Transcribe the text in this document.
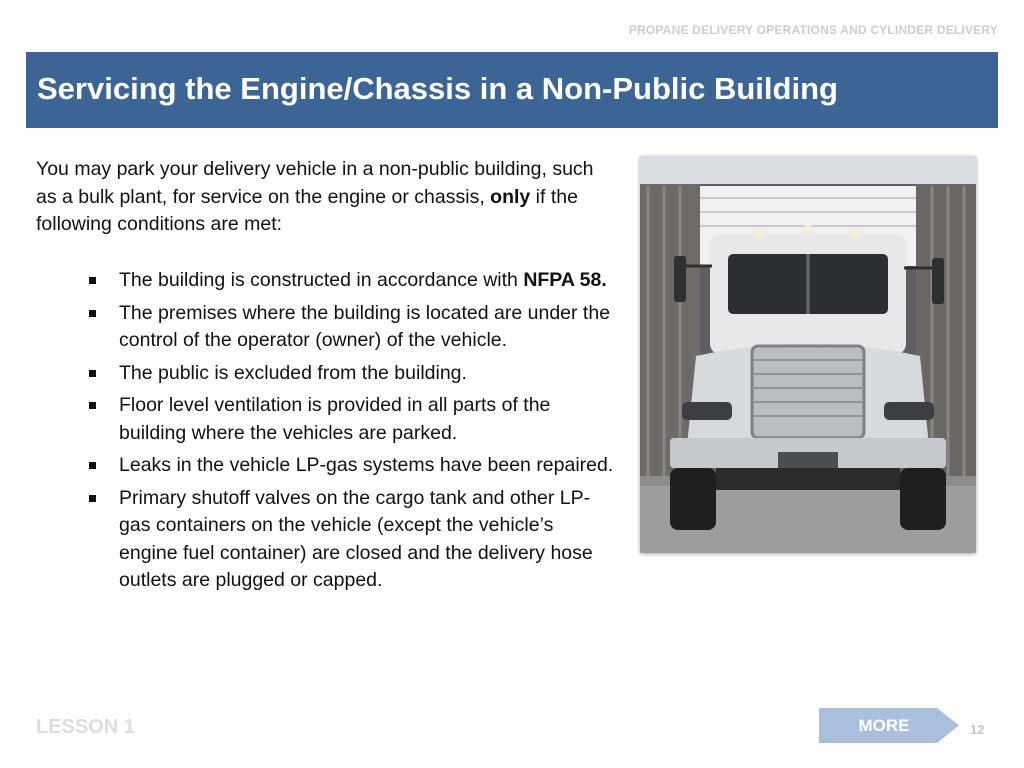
PROPANE DELIVERY OPERATIONS AND CYLINDER DELIVERY
Servicing the Engine/Chassis in a Non-Public Building
You may park your delivery vehicle in a non-public building, such as a bulk plant, for service on the engine or chassis, only if the following conditions are met:
The building is constructed in accordance with NFPA 58.
The premises where the building is located are under the control of the operator (owner) of the vehicle.
The public is excluded from the building.
Floor level ventilation is provided in all parts of the building where the vehicles are parked.
Leaks in the vehicle LP-gas systems have been repaired.
Primary shutoff valves on the cargo tank and other LP-gas containers on the vehicle (except the vehicle’s engine fuel container) are closed and the delivery hose outlets are plugged or capped.
LESSON 1	MORE	12
